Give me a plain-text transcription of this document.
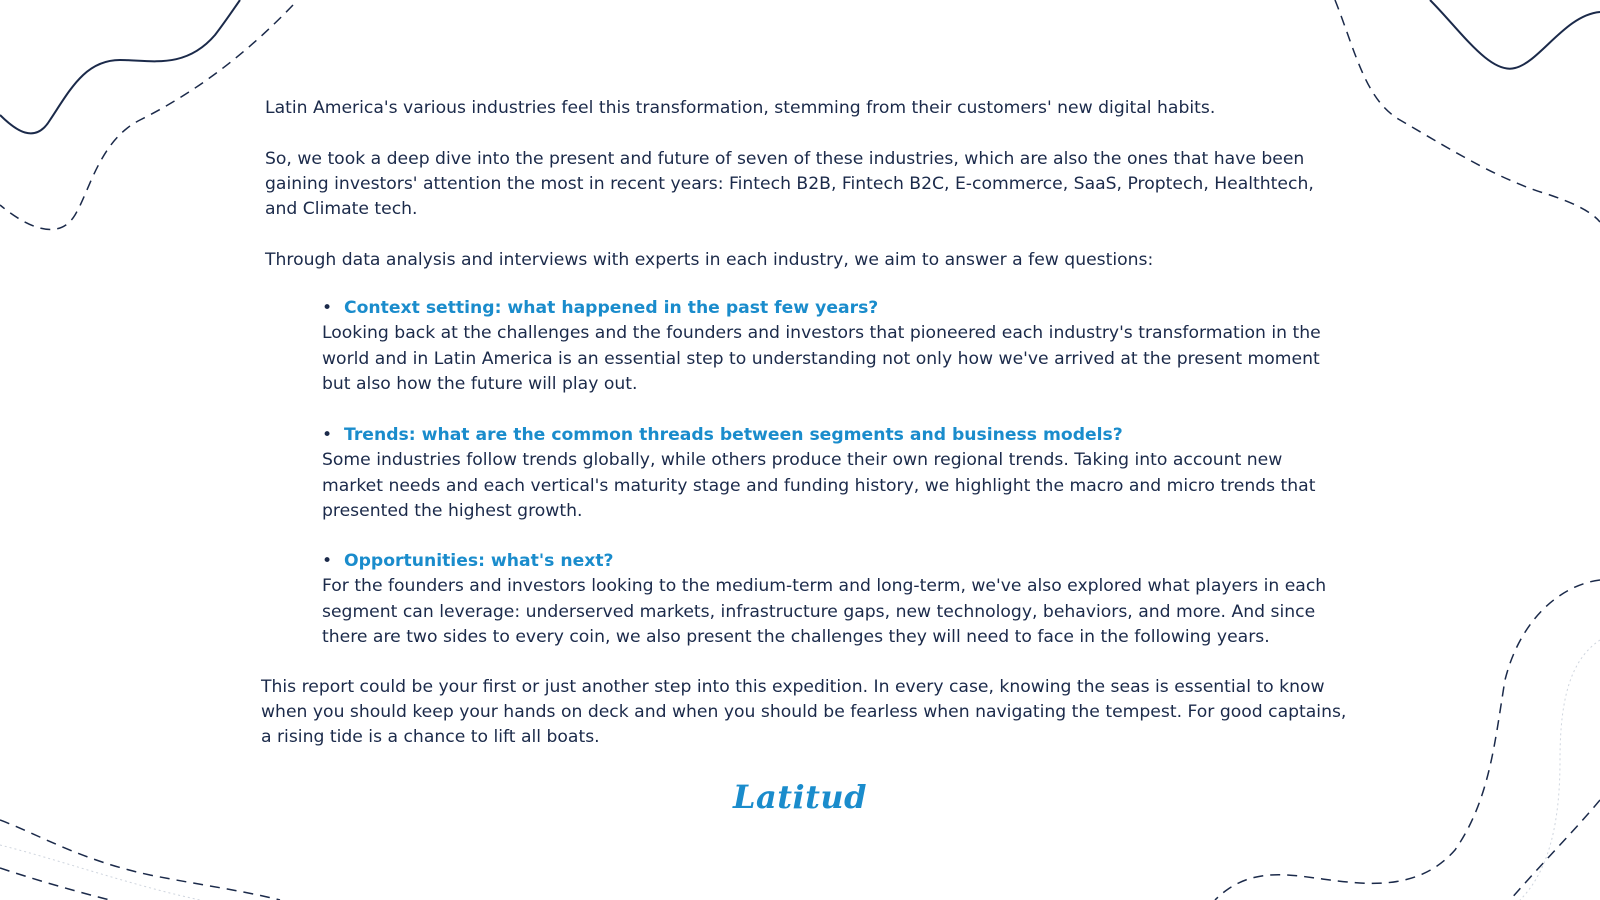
Latin America's various industries feel this transformation, stemming from their customers' new digital habits.

So, we took a deep dive into the present and future of seven of these industries, which are also the ones that have been gaining investors' attention the most in recent years: Fintech B2B, Fintech B2C, E-commerce, SaaS, Proptech, Healthtech, and Climate tech.

Through data analysis and interviews with experts in each industry, we aim to answer a few questions:

• Context setting: what happened in the past few years?

Looking back at the challenges and the founders and investors that pioneered each industry's transformation in the world and in Latin America is an essential step to understanding not only how we've arrived at the present moment but also how the future will play out.

• Trends: what are the common threads between segments and business models?

Some industries follow trends globally, while others produce their own regional trends. Taking into account new market needs and each vertical's maturity stage and funding history, we highlight the macro and micro trends that presented the highest growth.

• Opportunities: what's next?

For the founders and investors looking to the medium-term and long-term, we've also explored what players in each segment can leverage: underserved markets, infrastructure gaps, new technology, behaviors, and more. And since there are two sides to every coin, we also present the challenges they will need to face in the following years.

This report could be your first or just another step into this expedition. In every case, knowing the seas is essential to know when you should keep your hands on deck and when you should be fearless when navigating the tempest. For good captains, a rising tide is a chance to lift all boats.

Latitud
